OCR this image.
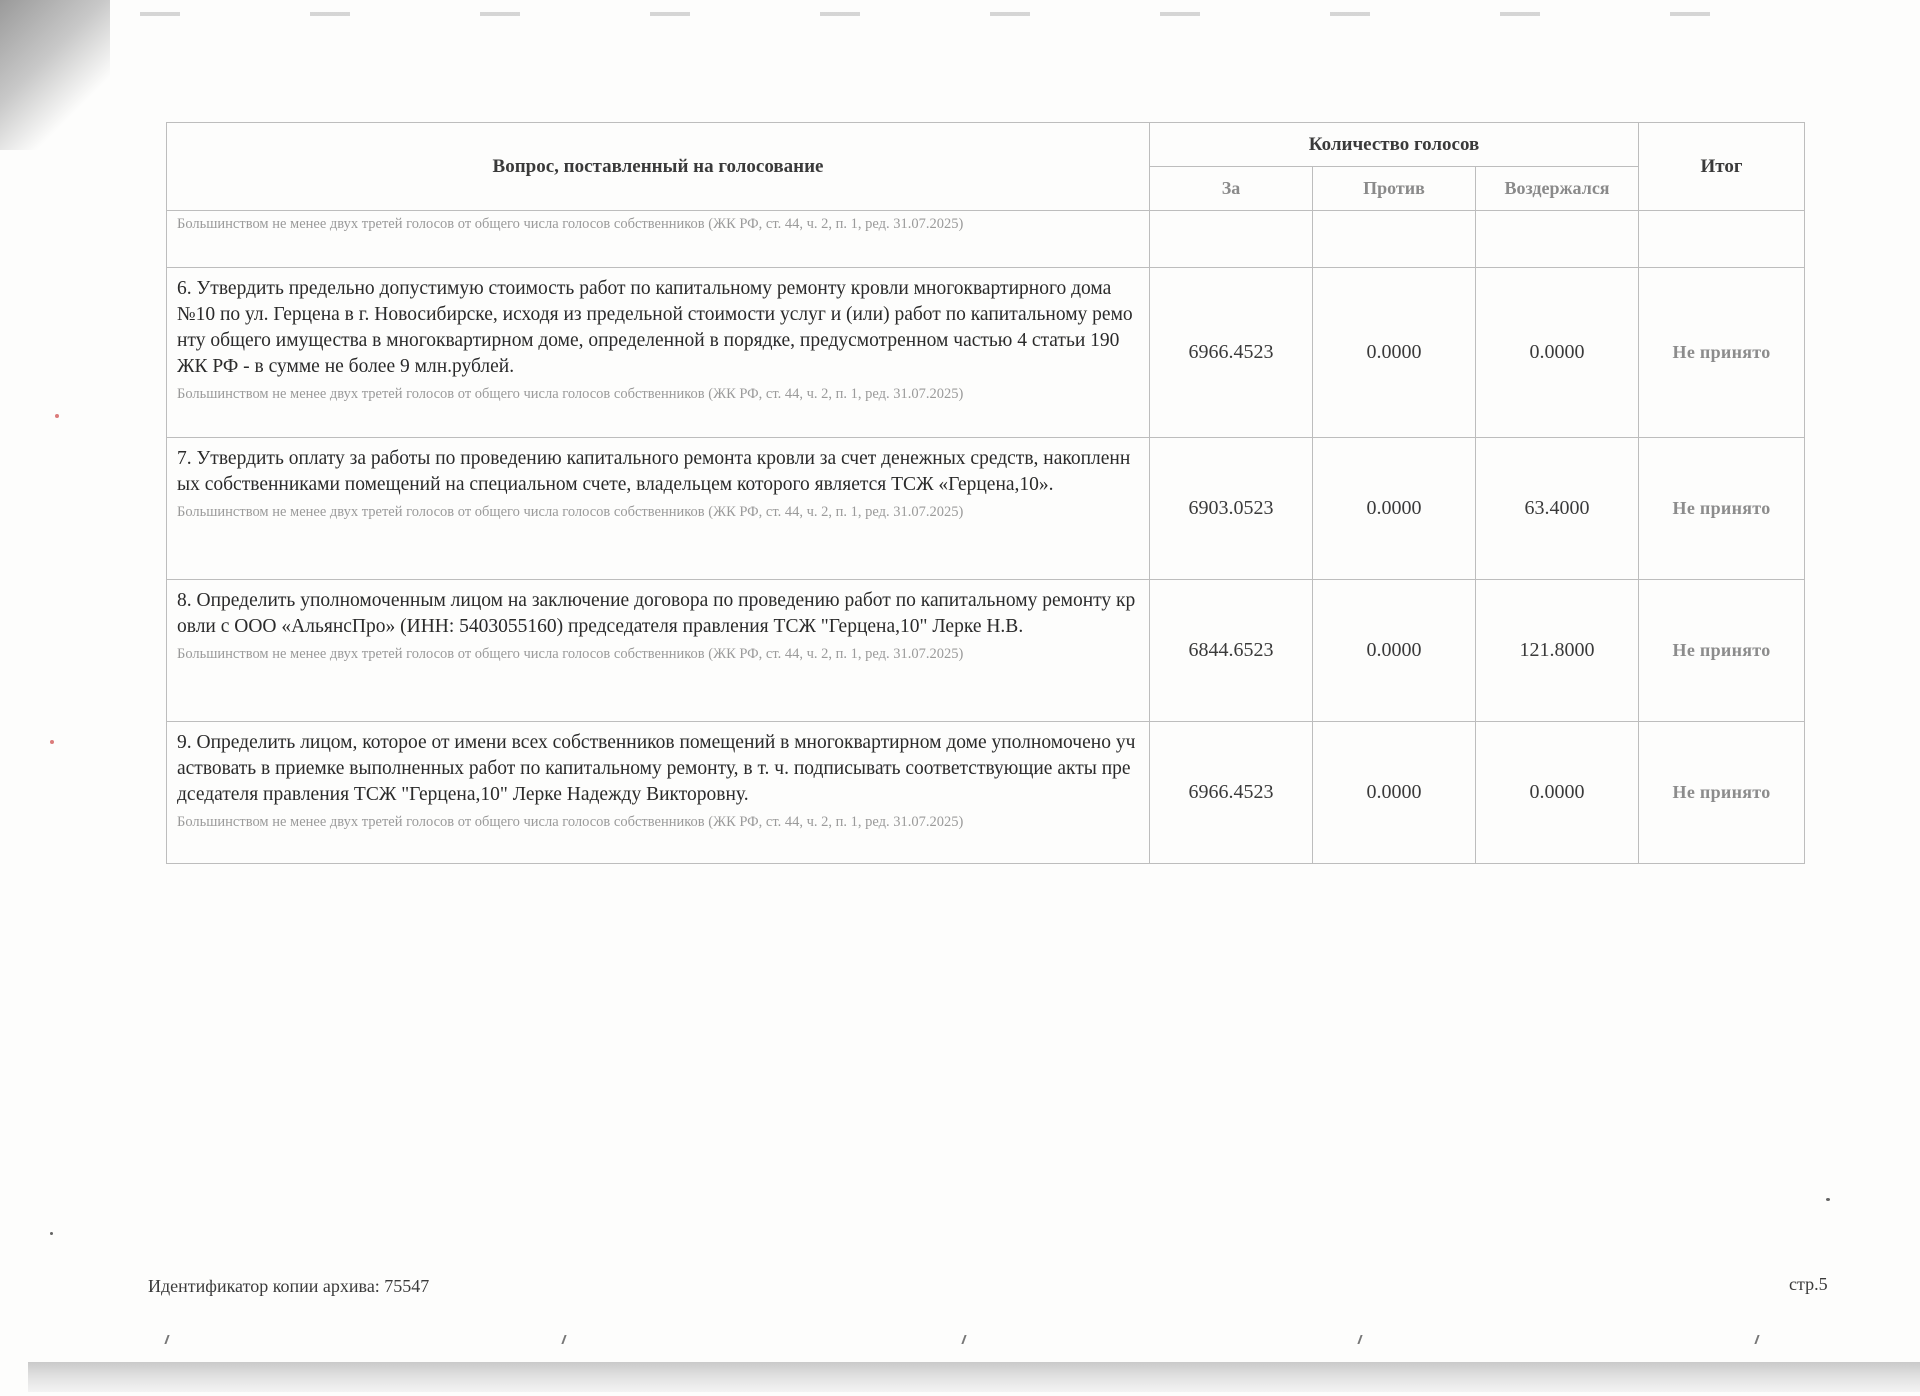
Вопрос, поставленный на голосование	Количество голосов			Итог
	За	Против	Воздержался	

Большинством не менее двух третей голосов от общего числа голосов собственников (ЖК РФ, ст. 44, ч. 2, п. 1, ред. 31.07.2025)				

6. Утвердить предельно допустимую стоимость работ по капитальному ремонту кровли многоквартирного дома №10 по ул. Герцена в г. Новосибирске, исходя из предельной стоимости услуг и (или) работ по капитальному ремонту общего имущества в многоквартирном доме, определенной в порядке, предусмотренном частью 4 статьи 190 ЖК РФ - в сумме не более 9 млн.рублей.
Большинством не менее двух третей голосов от общего числа голосов собственников (ЖК РФ, ст. 44, ч. 2, п. 1, ред. 31.07.2025)	6966.4523	0.0000	0.0000	Не принято

7. Утвердить оплату за работы по проведению капитального ремонта кровли за счет денежных средств, накопленных собственниками помещений на специальном счете, владельцем которого является ТСЖ «Герцена,10».
Большинством не менее двух третей голосов от общего числа голосов собственников (ЖК РФ, ст. 44, ч. 2, п. 1, ред. 31.07.2025)	6903.0523	0.0000	63.4000	Не принято

8. Определить уполномоченным лицом на заключение договора по проведению работ по капитальному ремонту кровли с ООО «АльянсПро» (ИНН: 5403055160) председателя правления ТСЖ "Герцена,10" Лерке Н.В.
Большинством не менее двух третей голосов от общего числа голосов собственников (ЖК РФ, ст. 44, ч. 2, п. 1, ред. 31.07.2025)	6844.6523	0.0000	121.8000	Не принято

9. Определить лицом, которое от имени всех собственников помещений в многоквартирном доме уполномочено участвовать в приемке выполненных работ по капитальному ремонту, в т. ч. подписывать соответствующие акты председателя правления ТСЖ "Герцена,10" Лерке Надежду Викторовну.
Большинством не менее двух третей голосов от общего числа голосов собственников (ЖК РФ, ст. 44, ч. 2, п. 1, ред. 31.07.2025)	6966.4523	0.0000	0.0000	Не принято
Идентификатор копии архива: 75547	стр.5
